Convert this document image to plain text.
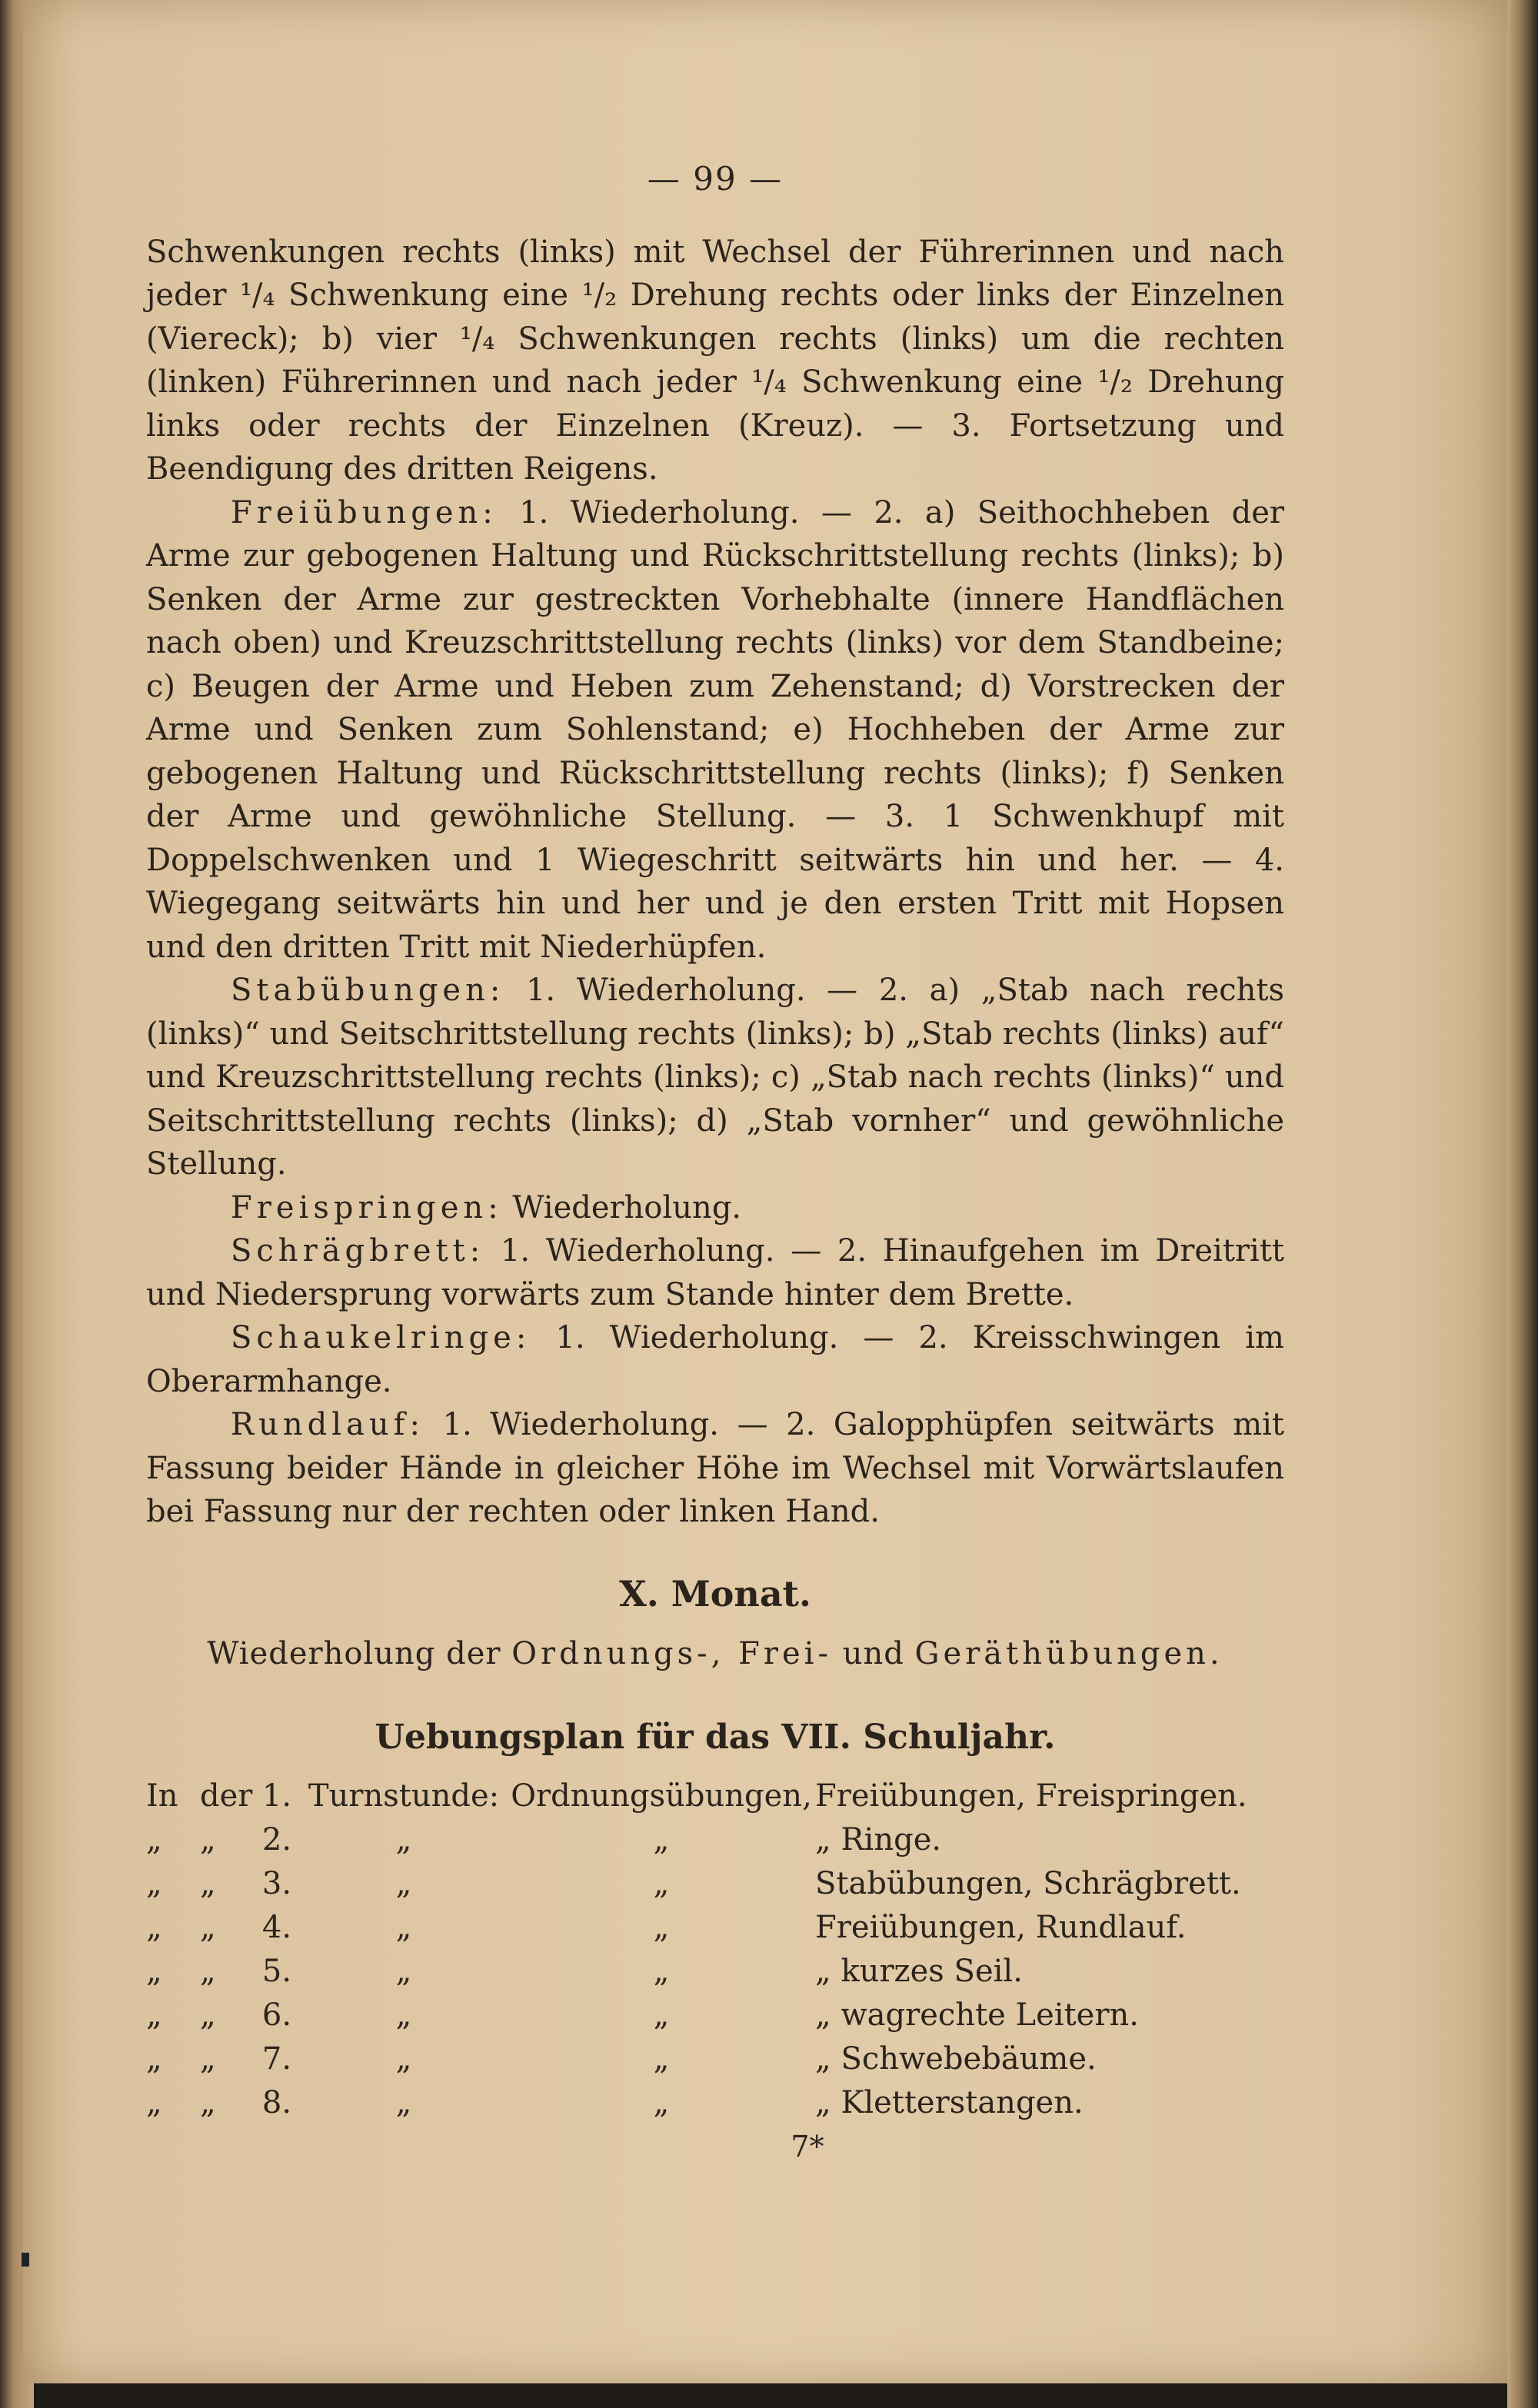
— 99 —

Schwenkungen rechts (links) mit Wechsel der Führerinnen und nach jeder ¹/₄ Schwenkung eine ¹/₂ Drehung rechts oder links der Einzelnen (Viereck); b) vier ¹/₄ Schwenkungen rechts (links) um die rechten (linken) Führerinnen und nach jeder ¹/₄ Schwenkung eine ¹/₂ Drehung links oder rechts der Einzelnen (Kreuz). — 3. Fortsetzung und Beendigung des dritten Reigens.

Freiübungen: 1. Wiederholung. — 2. a) Seithochheben der Arme zur gebogenen Haltung und Rückschrittstellung rechts (links); b) Senken der Arme zur gestreckten Vorhebhalte (innere Handflächen nach oben) und Kreuzschrittstellung rechts (links) vor dem Standbeine; c) Beugen der Arme und Heben zum Zehenstand; d) Vorstrecken der Arme und Senken zum Sohlenstand; e) Hochheben der Arme zur gebogenen Haltung und Rückschrittstellung rechts (links); f) Senken der Arme und gewöhnliche Stellung. — 3. 1 Schwenkhupf mit Doppelschwenken und 1 Wiegeschritt seitwärts hin und her. — 4. Wiegegang seitwärts hin und her und je den ersten Tritt mit Hopsen und den dritten Tritt mit Niederhüpfen.

Stabübungen: 1. Wiederholung. — 2. a) „Stab nach rechts (links)“ und Seitschrittstellung rechts (links); b) „Stab rechts (links) auf“ und Kreuzschrittstellung rechts (links); c) „Stab nach rechts (links)“ und Seitschrittstellung rechts (links); d) „Stab vornher“ und gewöhnliche Stellung.

Freispringen: Wiederholung.

Schrägbrett: 1. Wiederholung. — 2. Hinaufgehen im Dreitritt und Niedersprung vorwärts zum Stande hinter dem Brette.

Schaukelringe: 1. Wiederholung. — 2. Kreisschwingen im Oberarmhange.

Rundlauf: 1. Wiederholung. — 2. Galopphüpfen seitwärts mit Fassung beider Hände in gleicher Höhe im Wechsel mit Vorwärtslaufen bei Fassung nur der rechten oder linken Hand.

X. Monat.
Wiederholung der Ordnungs-, Frei- und Geräthübungen.
Uebungsplan für das VII. Schuljahr.
In	der	1.	Turnstunde:	Ordnungsübungen,	Freiübungen, Freispringen.
„	„	2.	„	„	„ Ringe.
„	„	3.	„	„	Stabübungen, Schrägbrett.
„	„	4.	„	„	Freiübungen, Rundlauf.
„	„	5.	„	„	„ kurzes Seil.
„	„	6.	„	„	„ wagrechte Leitern.
„	„	7.	„	„	„ Schwebebäume.
„	„	8.	„	„	„ Kletterstangen.
7*
